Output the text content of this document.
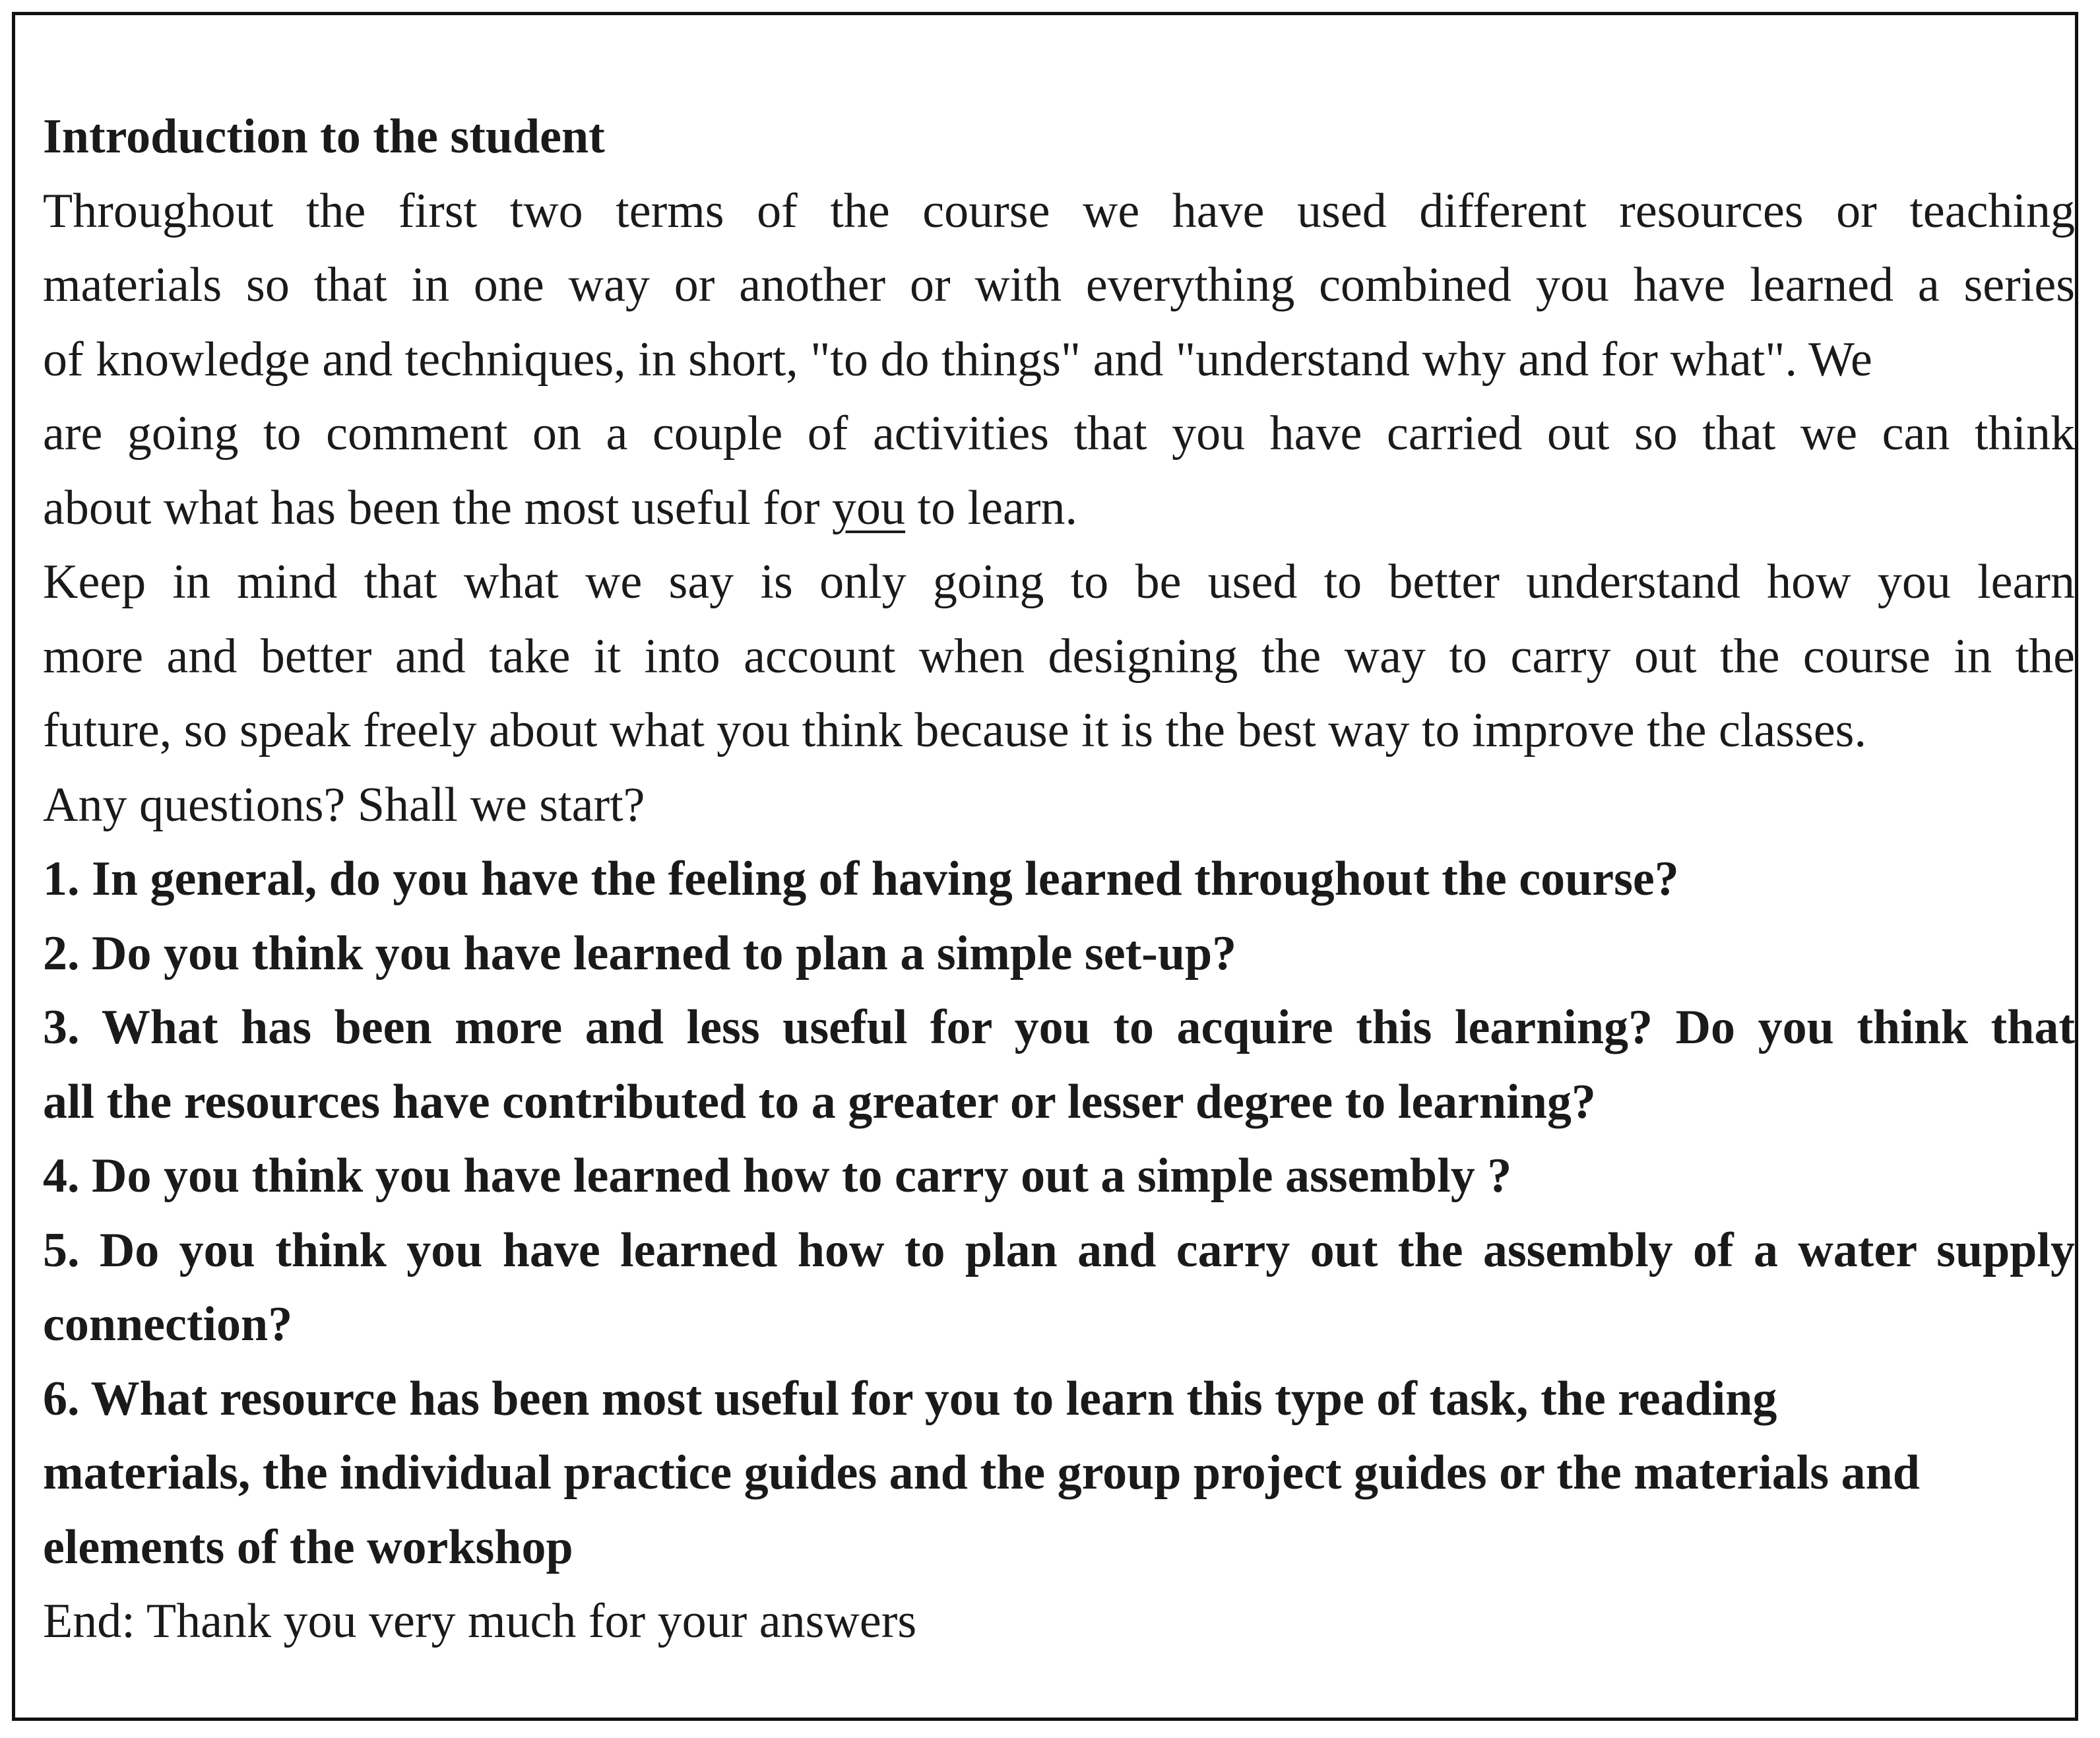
Introduction to the student
Throughout the first two terms of the course we have used different resources or teaching
materials so that in one way or another or with everything combined you have learned a series
of knowledge and techniques, in short, "to do things" and "understand why and for what". We
are going to comment on a couple of activities that you have carried out so that we can think
about what has been the most useful for you to learn.
Keep in mind that what we say is only going to be used to better understand how you learn
more and better and take it into account when designing the way to carry out the course in the
future, so speak freely about what you think because it is the best way to improve the classes.
Any questions? Shall we start?
1. In general, do you have the feeling of having learned throughout the course?
2. Do you think you have learned to plan a simple set-up?
3. What has been more and less useful for you to acquire this learning? Do you think that
all the resources have contributed to a greater or lesser degree to learning?
4. Do you think you have learned how to carry out a simple assembly ?
5. Do you think you have learned how to plan and carry out the assembly of a water supply
connection?
6. What resource has been most useful for you to learn this type of task, the reading
materials, the individual practice guides and the group project guides or the materials and
elements of the workshop
End: Thank you very much for your answers
